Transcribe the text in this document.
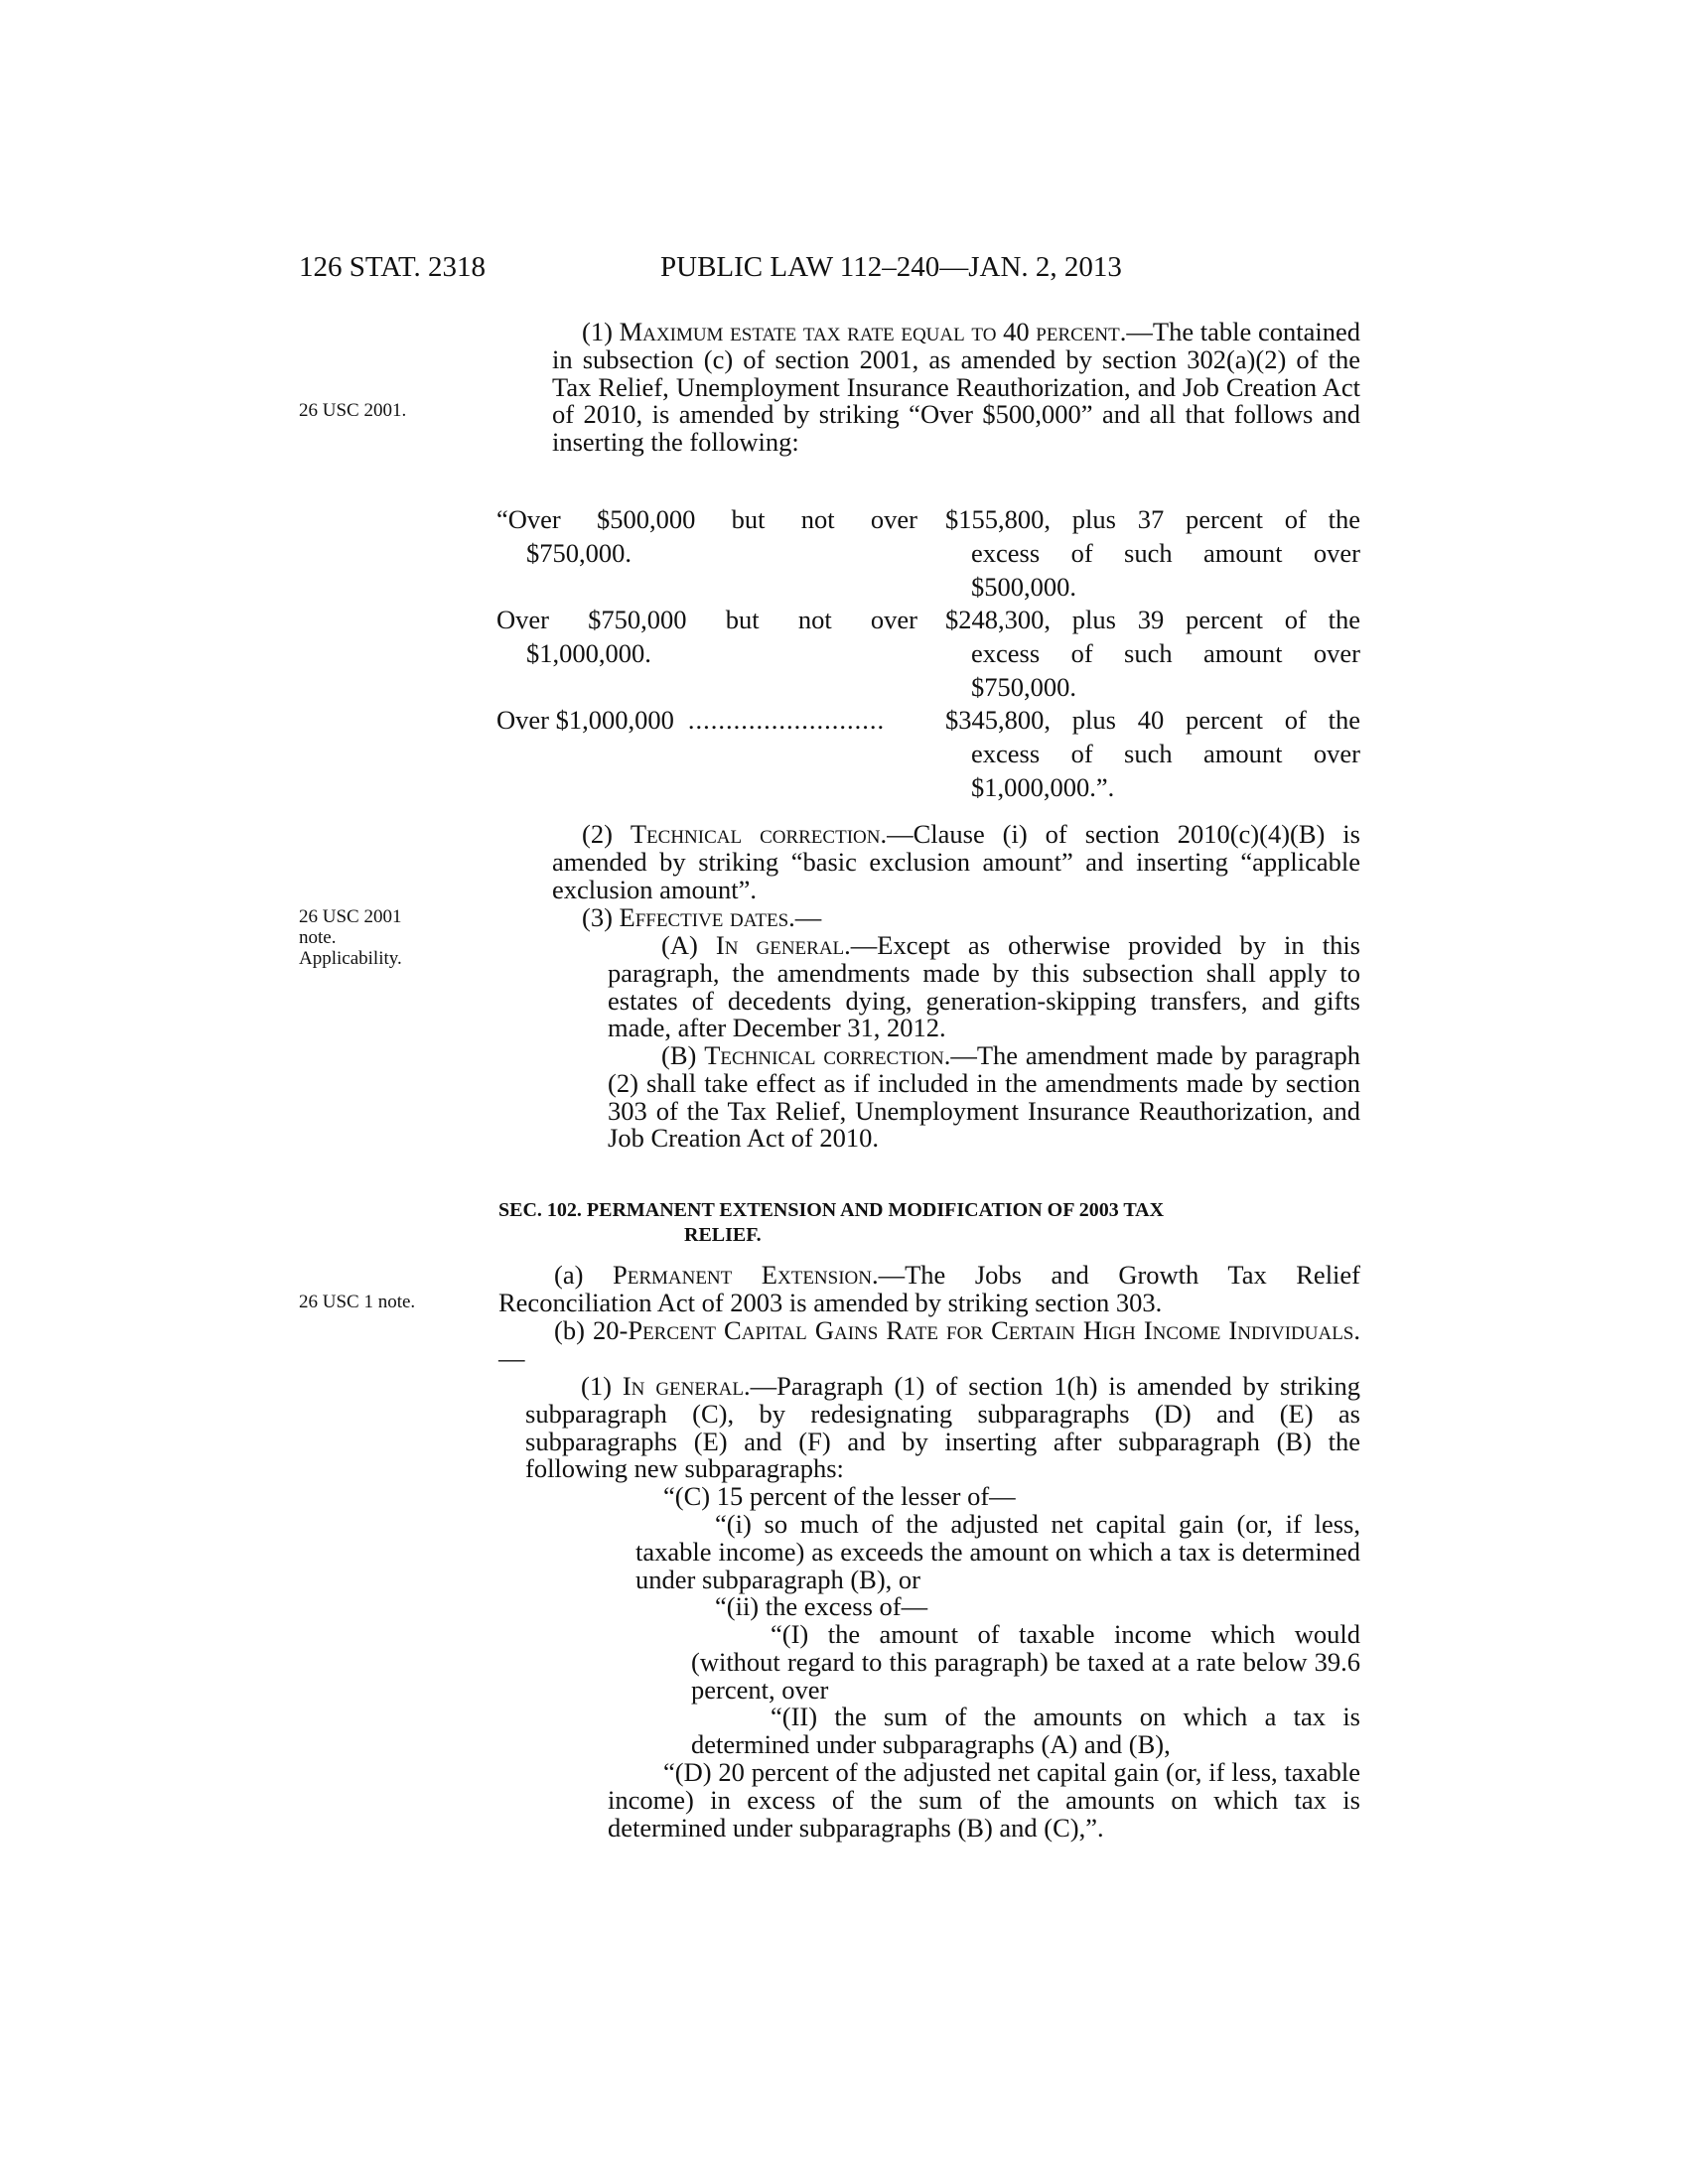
126 STAT. 2318	PUBLIC LAW 112–240—JAN. 2, 2013
26 USC 2001.
26 USC 2001
note.
Applicability.
26 USC 1 note.
(1) Maximum estate tax rate equal to 40 percent.—The table contained in subsection (c) of section 2001, as amended by section 302(a)(2) of the Tax Relief, Unemployment Insurance Reauthorization, and Job Creation Act of 2010, is amended by striking “Over $500,000” and all that follows and inserting the following:
“Over $500,000 but not over
$750,000.
$155,800, plus 37 percent of the
excess of such amount over
$500,000.
Over $750,000 but not over
$1,000,000.
$248,300, plus 39 percent of the
excess of such amount over
$750,000.
Over $1,000,000 ..........................	$345,800, plus 40 percent of the
excess of such amount over
$1,000,000.”.
(2) Technical correction.—Clause (i) of section 2010(c)(4)(B) is amended by striking “basic exclusion amount” and inserting “applicable exclusion amount”.
(3) Effective dates.—
(A) In general.—Except as otherwise provided by in this paragraph, the amendments made by this subsection shall apply to estates of decedents dying, generation-skipping transfers, and gifts made, after December 31, 2012.
(B) Technical correction.—The amendment made by paragraph (2) shall take effect as if included in the amendments made by section 303 of the Tax Relief, Unemployment Insurance Reauthorization, and Job Creation Act of 2010.
SEC. 102. PERMANENT EXTENSION AND MODIFICATION OF 2003 TAX
RELIEF.
(a) Permanent Extension.—The Jobs and Growth Tax Relief Reconciliation Act of 2003 is amended by striking section 303.
(b) 20-Percent Capital Gains Rate for Certain High Income Individuals.—
(1) In general.—Paragraph (1) of section 1(h) is amended by striking subparagraph (C), by redesignating subparagraphs (D) and (E) as subparagraphs (E) and (F) and by inserting after subparagraph (B) the following new subparagraphs:
“(C) 15 percent of the lesser of—
“(i) so much of the adjusted net capital gain (or, if less, taxable income) as exceeds the amount on which a tax is determined under subparagraph (B), or
“(ii) the excess of—
“(I) the amount of taxable income which would (without regard to this paragraph) be taxed at a rate below 39.6 percent, over
“(II) the sum of the amounts on which a tax is determined under subparagraphs (A) and (B),
“(D) 20 percent of the adjusted net capital gain (or, if less, taxable income) in excess of the sum of the amounts on which tax is determined under subparagraphs (B) and (C),”.
